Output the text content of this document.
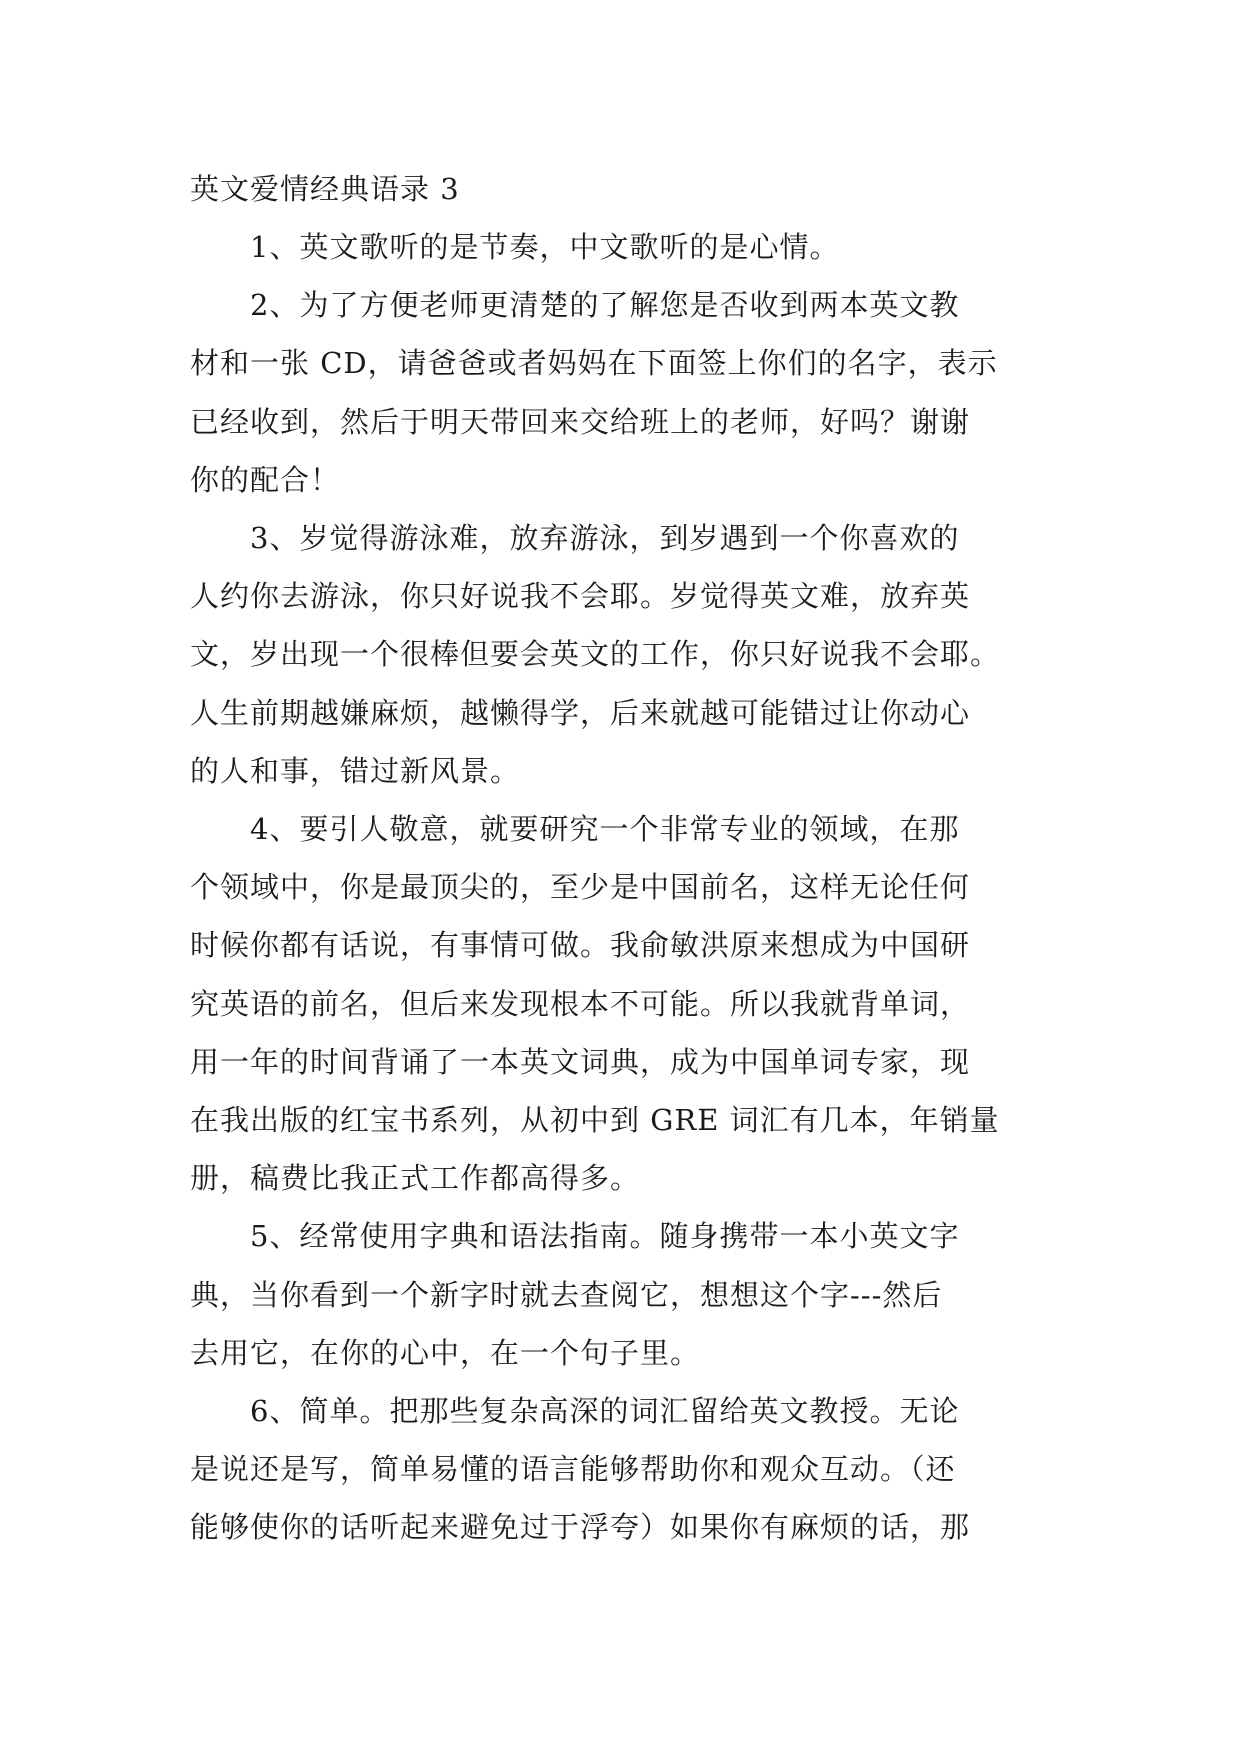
英文爱情经典语录 3

1、英文歌听的是节奏，中文歌听的是心情。

2、为了方便老师更清楚的了解您是否收到两本英文教
材和一张 CD，请爸爸或者妈妈在下面签上你们的名字，表示
已经收到，然后于明天带回来交给班上的老师，好吗？谢谢
你的配合！

3、岁觉得游泳难，放弃游泳，到岁遇到一个你喜欢的
人约你去游泳，你只好说我不会耶。岁觉得英文难，放弃英
文，岁出现一个很棒但要会英文的工作，你只好说我不会耶。
人生前期越嫌麻烦，越懒得学，后来就越可能错过让你动心
的人和事，错过新风景。

4、要引人敬意，就要研究一个非常专业的领域，在那
个领域中，你是最顶尖的，至少是中国前名，这样无论任何
时候你都有话说，有事情可做。我俞敏洪原来想成为中国研
究英语的前名，但后来发现根本不可能。所以我就背单词，
用一年的时间背诵了一本英文词典，成为中国单词专家，现
在我出版的红宝书系列，从初中到 GRE 词汇有几本，年销量
册，稿费比我正式工作都高得多。

5、经常使用字典和语法指南。随身携带一本小英文字
典，当你看到一个新字时就去查阅它，想想这个字---然后
去用它，在你的心中，在一个句子里。

6、简单。把那些复杂高深的词汇留给英文教授。无论
是说还是写，简单易懂的语言能够帮助你和观众互动。（还
能够使你的话听起来避免过于浮夸）如果你有麻烦的话，那
